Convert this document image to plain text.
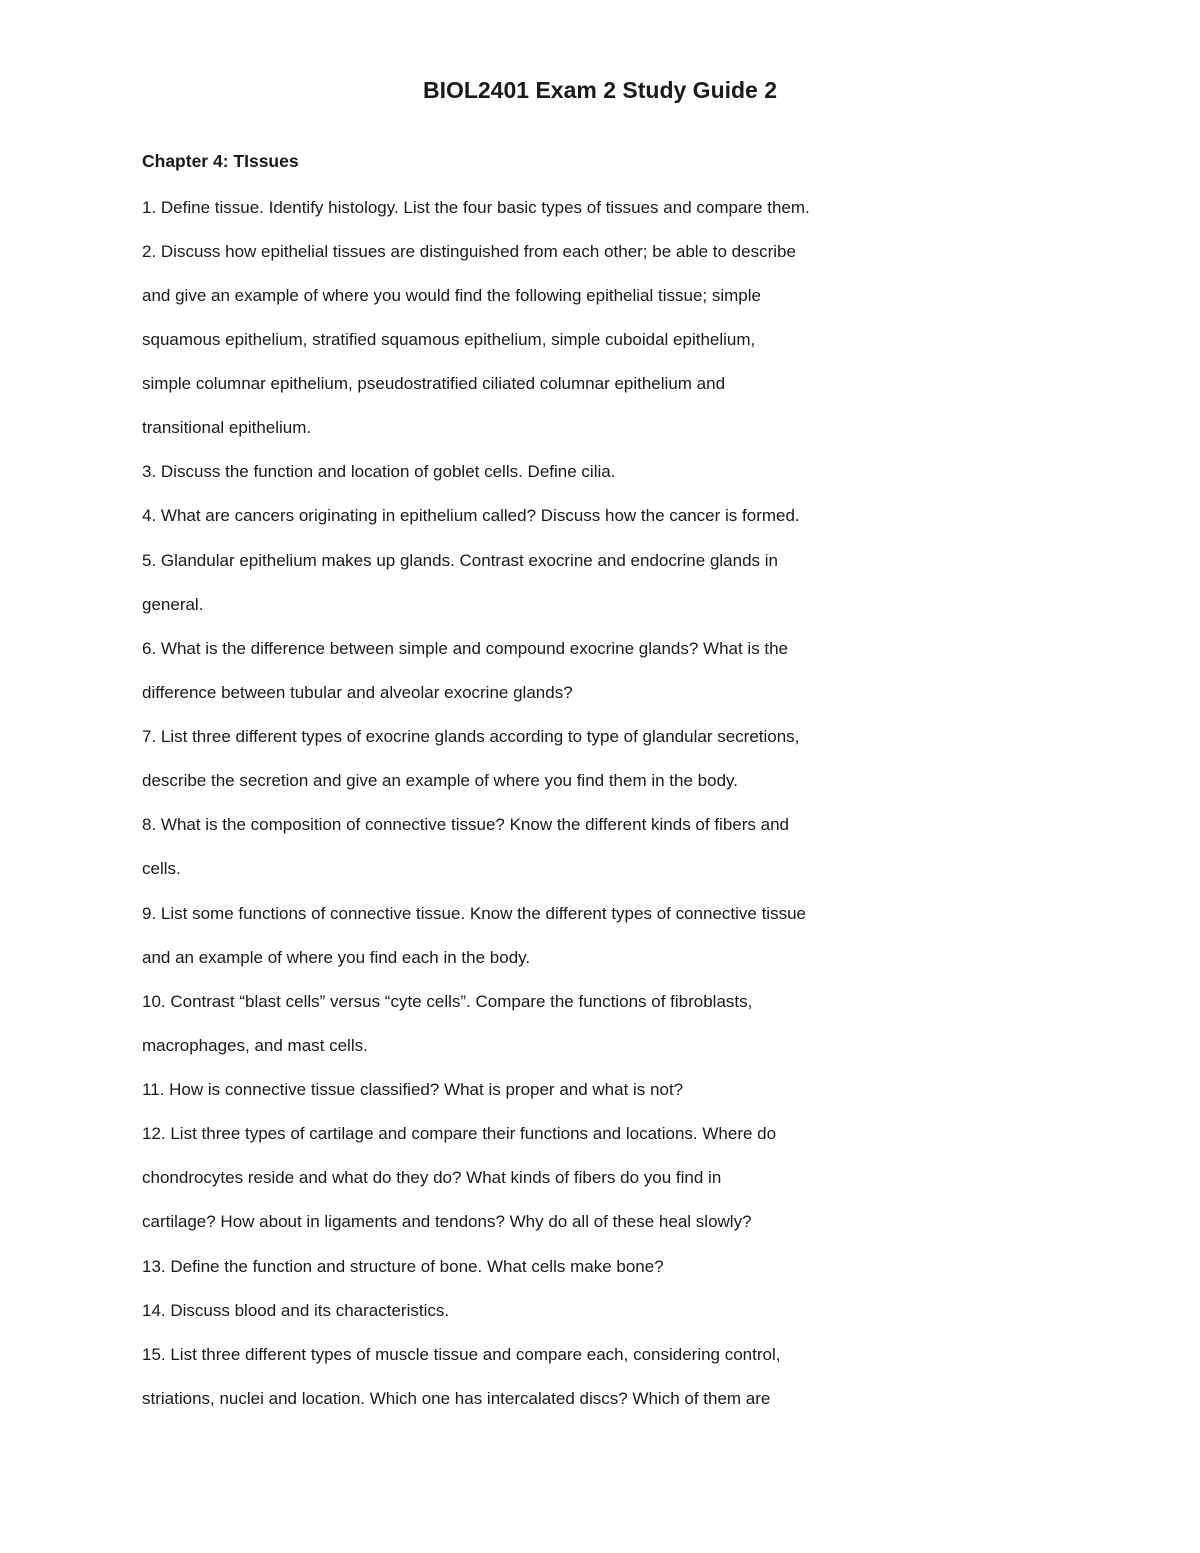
BIOL2401 Exam 2 Study Guide 2
Chapter 4: TIssues

1. Define tissue. Identify histology. List the four basic types of tissues and compare them.

2. Discuss how epithelial tissues are distinguished from each other; be able to describe

and give an example of where you would find the following epithelial tissue; simple

squamous epithelium, stratified squamous epithelium, simple cuboidal epithelium,

simple columnar epithelium, pseudostratified ciliated columnar epithelium and

transitional epithelium.

3. Discuss the function and location of goblet cells. Define cilia.

4. What are cancers originating in epithelium called? Discuss how the cancer is formed.

5. Glandular epithelium makes up glands. Contrast exocrine and endocrine glands in

general.

6. What is the difference between simple and compound exocrine glands? What is the

difference between tubular and alveolar exocrine glands?

7. List three different types of exocrine glands according to type of glandular secretions,

describe the secretion and give an example of where you find them in the body.

8. What is the composition of connective tissue? Know the different kinds of fibers and

cells.

9. List some functions of connective tissue. Know the different types of connective tissue

and an example of where you find each in the body.

10. Contrast “blast cells” versus “cyte cells”. Compare the functions of fibroblasts,

macrophages, and mast cells.

11. How is connective tissue classified? What is proper and what is not?

12. List three types of cartilage and compare their functions and locations. Where do

chondrocytes reside and what do they do? What kinds of fibers do you find in

cartilage? How about in ligaments and tendons? Why do all of these heal slowly?

13. Define the function and structure of bone. What cells make bone?

14. Discuss blood and its characteristics.

15. List three different types of muscle tissue and compare each, considering control,

striations, nuclei and location. Which one has intercalated discs? Which of them are
